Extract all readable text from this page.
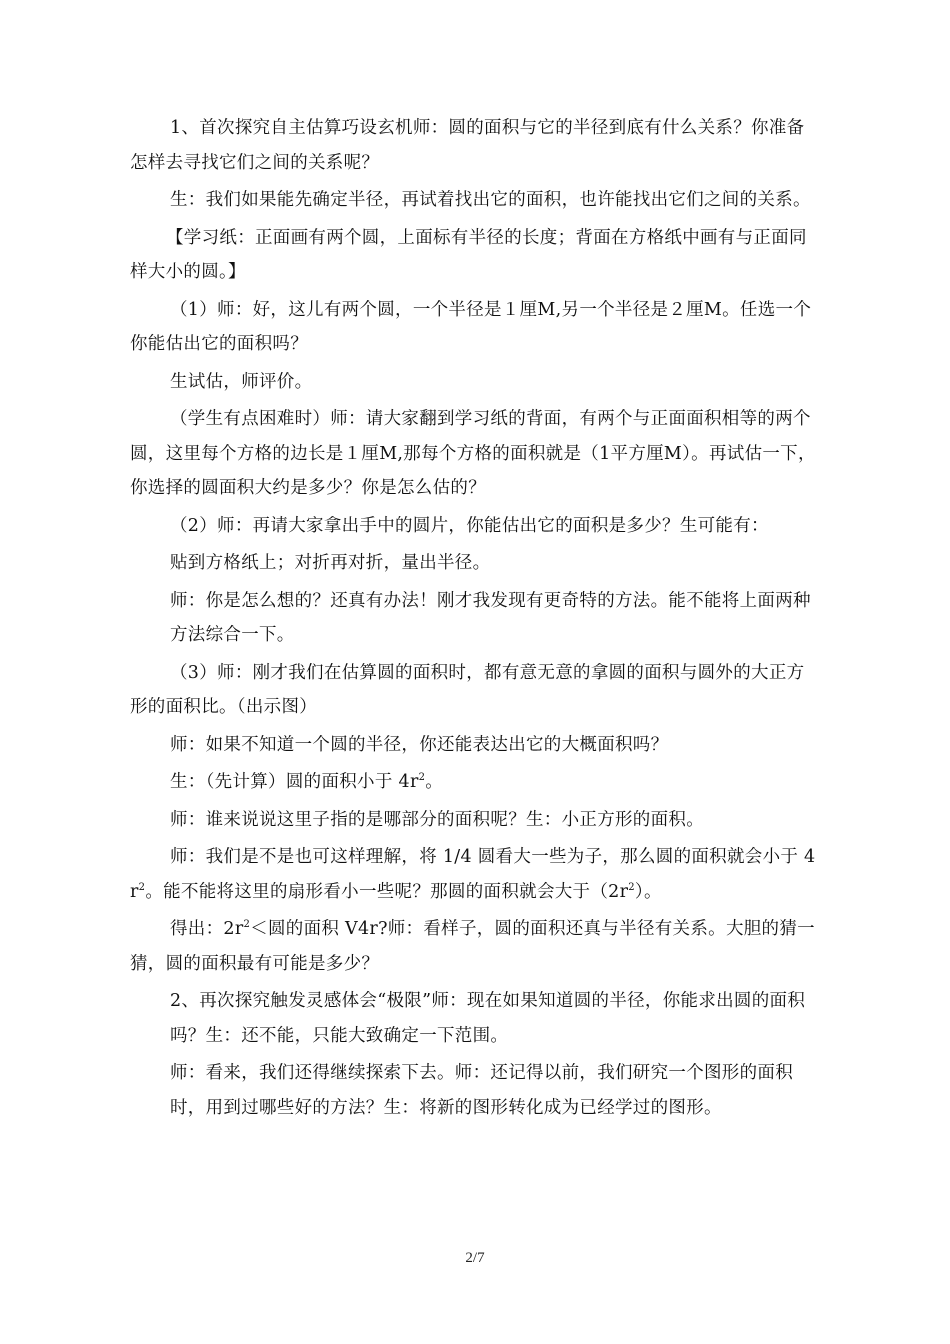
1、首次探究自主估算巧设玄机师：圆的面积与它的半径到底有什么关系？你准备怎样去寻找它们之间的关系呢？

生：我们如果能先确定半径，再试着找出它的面积，也许能找出它们之间的关系。

【学习纸：正面画有两个圆，上面标有半径的长度；背面在方格纸中画有与正面同样大小的圆。】

（1）师：好，这儿有两个圆，一个半径是１厘M,另一个半径是２厘M。任选一个你能估出它的面积吗？

生试估，师评价。

（学生有点困难时）师：请大家翻到学习纸的背面，有两个与正面面积相等的两个圆，这里每个方格的边长是１厘M,那每个方格的面积就是（1平方厘M）。再试估一下，你选择的圆面积大约是多少？你是怎么估的？

（2）师：再请大家拿出手中的圆片，你能估出它的面积是多少？生可能有：

贴到方格纸上；对折再对折，量出半径。

师：你是怎么想的？还真有办法！刚才我发现有更奇特的方法。能不能将上面两种方法综合一下。

（3）师：刚才我们在估算圆的面积时，都有意无意的拿圆的面积与圆外的大正方形的面积比。（出示图）

师：如果不知道一个圆的半径，你还能表达出它的大概面积吗？

生：（先计算）圆的面积小于 $4r^2$。

师：谁来说说这里子指的是哪部分的面积呢？生：小正方形的面积。

师：我们是不是也可这样理解，将 1/4 圆看大一些为子，那么圆的面积就会小于 $4r^2$。能不能将这里的扇形看小一些呢？那圆的面积就会大于$(2r^2)$。

得出：$2r^2<$圆的面积 V4r?师：看样子，圆的面积还真与半径有关系。大胆的猜一猜，圆的面积最有可能是多少？

2、再次探究触发灵感体会“极限”师：现在如果知道圆的半径，你能求出圆的面积吗？生：还不能，只能大致确定一下范围。

师：看来，我们还得继续探索下去。师：还记得以前，我们研究一个图形的面积时，用到过哪些好的方法？生：将新的图形转化成为已经学过的图形。

2/7
